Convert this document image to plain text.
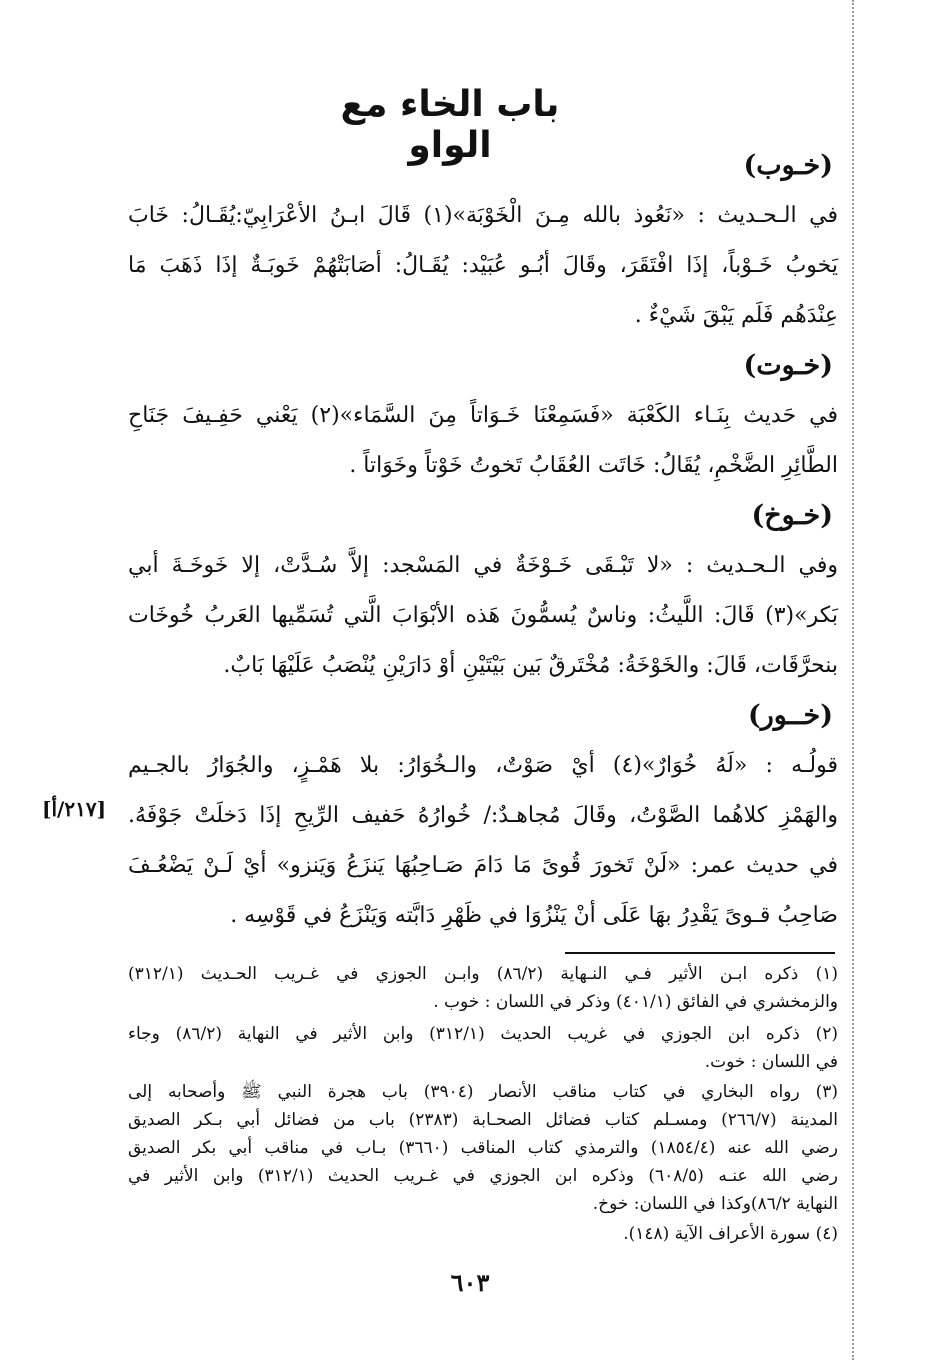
باب الخاء مع الواو	(خـوب)
في الـحـديث : «نَعُوذ بالله مِـنَ الْخَوْبَة»(١) قَالَ ابـنُ الأعْرَابِيّ:يُقَـالُ: خَابَ
يَخوبُ خَـوْباً، إذَا افْتَقَرَ، وقَالَ أبُـو عُبَيْد: يُقَـالُ: أصَابَتْهُمْ خَوبَـةٌ إذَا ذَهَبَ مَا
عِنْدَهُم فَلَم يَبْقَ شَيْءٌ .
(خـوت)
في حَديث بِنَـاء الكَعْبَة «فَسَمِعْنَا خَـوَاتاً مِنَ السَّمَاء»(٢) يَعْني حَفِـيفَ جَنَاحِ
الطَّائِرِ الضَّخْمِ، يُقَالُ: خَاتَت العُقَابُ تَخوتُ خَوْتاً وخَوَاتاً .
(خـوخ)
وفي الـحـديث : «لا تَبْـقَى خَـوْخَةٌ في المَسْجد: إلاَّ سُـدَّتْ، إلا خَوخَـةَ أبي
بَكر»(٣) قَالَ: اللَّيثُ: وناسٌ يُسمُّونَ هَذه الأبْوَابَ الَّتي تُسَمِّيها العَربُ خُوخَات
بنحرَّقَات، قَالَ: والخَوْخَةُ: مُخْتَرقٌ بَين بَيْتَيْنِ أوْ دَارَيْنِ يُنْصَبُ عَلَيْهَا بَابٌ.
(خــور)
قولُـه : «لَهُ خُوَارٌ»(٤) أيْ صَوْتٌ، والـخُوَارُ: بلا هَمْـزٍ، والجُوَارُ بالجـيم
والهَمْزِ كلاهُما الصَّوْتُ، وقَالَ مُجاهـدٌ:/ خُوارُهُ حَفيف الرِّيحِ إذَا دَخلَتْ جَوْفَهُ.
في حديث عمر: «لَنْ تَخورَ قُوىً مَا دَامَ صَـاحِبُهَا يَنزَعُ وَيَنزو» أيْ لَـنْ يَضْعُـفَ
صَاحِبُ قـوىً يَقْدِرُ بهَا عَلَى أنْ يَنْزُوَا في ظَهْرِ دَابَّته وَيَنْزَعُ في قَوْسِه .
[٢١٧/أ]
(١) ذكره ابـن الأثير فـي النـهاية (٨٦/٢) وابـن الجوزي في غـريب الحـديث (٣١٢/١)
والزمخشري في الفائق (٤٠١/١) وذكر في اللسان : خوب .
(٢) ذكره ابن الجوزي في غريب الحديث (٣١٢/١) وابن الأثير في النهاية (٨٦/٢) وجاء
في اللسان : خوت.
(٣) رواه البخاري في كتاب مناقب الأنصار (٣٩٠٤) باب هجرة النبي ﷺ وأصحابه إلى
المدينة (٢٦٦/٧) ومسـلم كتاب فضائل الصحـابة (٢٣٨٣) باب من فضائل أبي بـكر الصديق
رضي الله عنه (١٨٥٤/٤) والترمذي كتاب المناقب (٣٦٦٠) بـاب في مناقب أبي بكر الصديق
رضي الله عنـه (٦٠٨/٥) وذكره ابن الجوزي في غـريب الحديث (٣١٢/١) وابن الأثير في
النهاية ٨٦/٢)وكذا في اللسان: خوخ.
(٤) سورة الأعراف الآية (١٤٨).
٦٠٣
